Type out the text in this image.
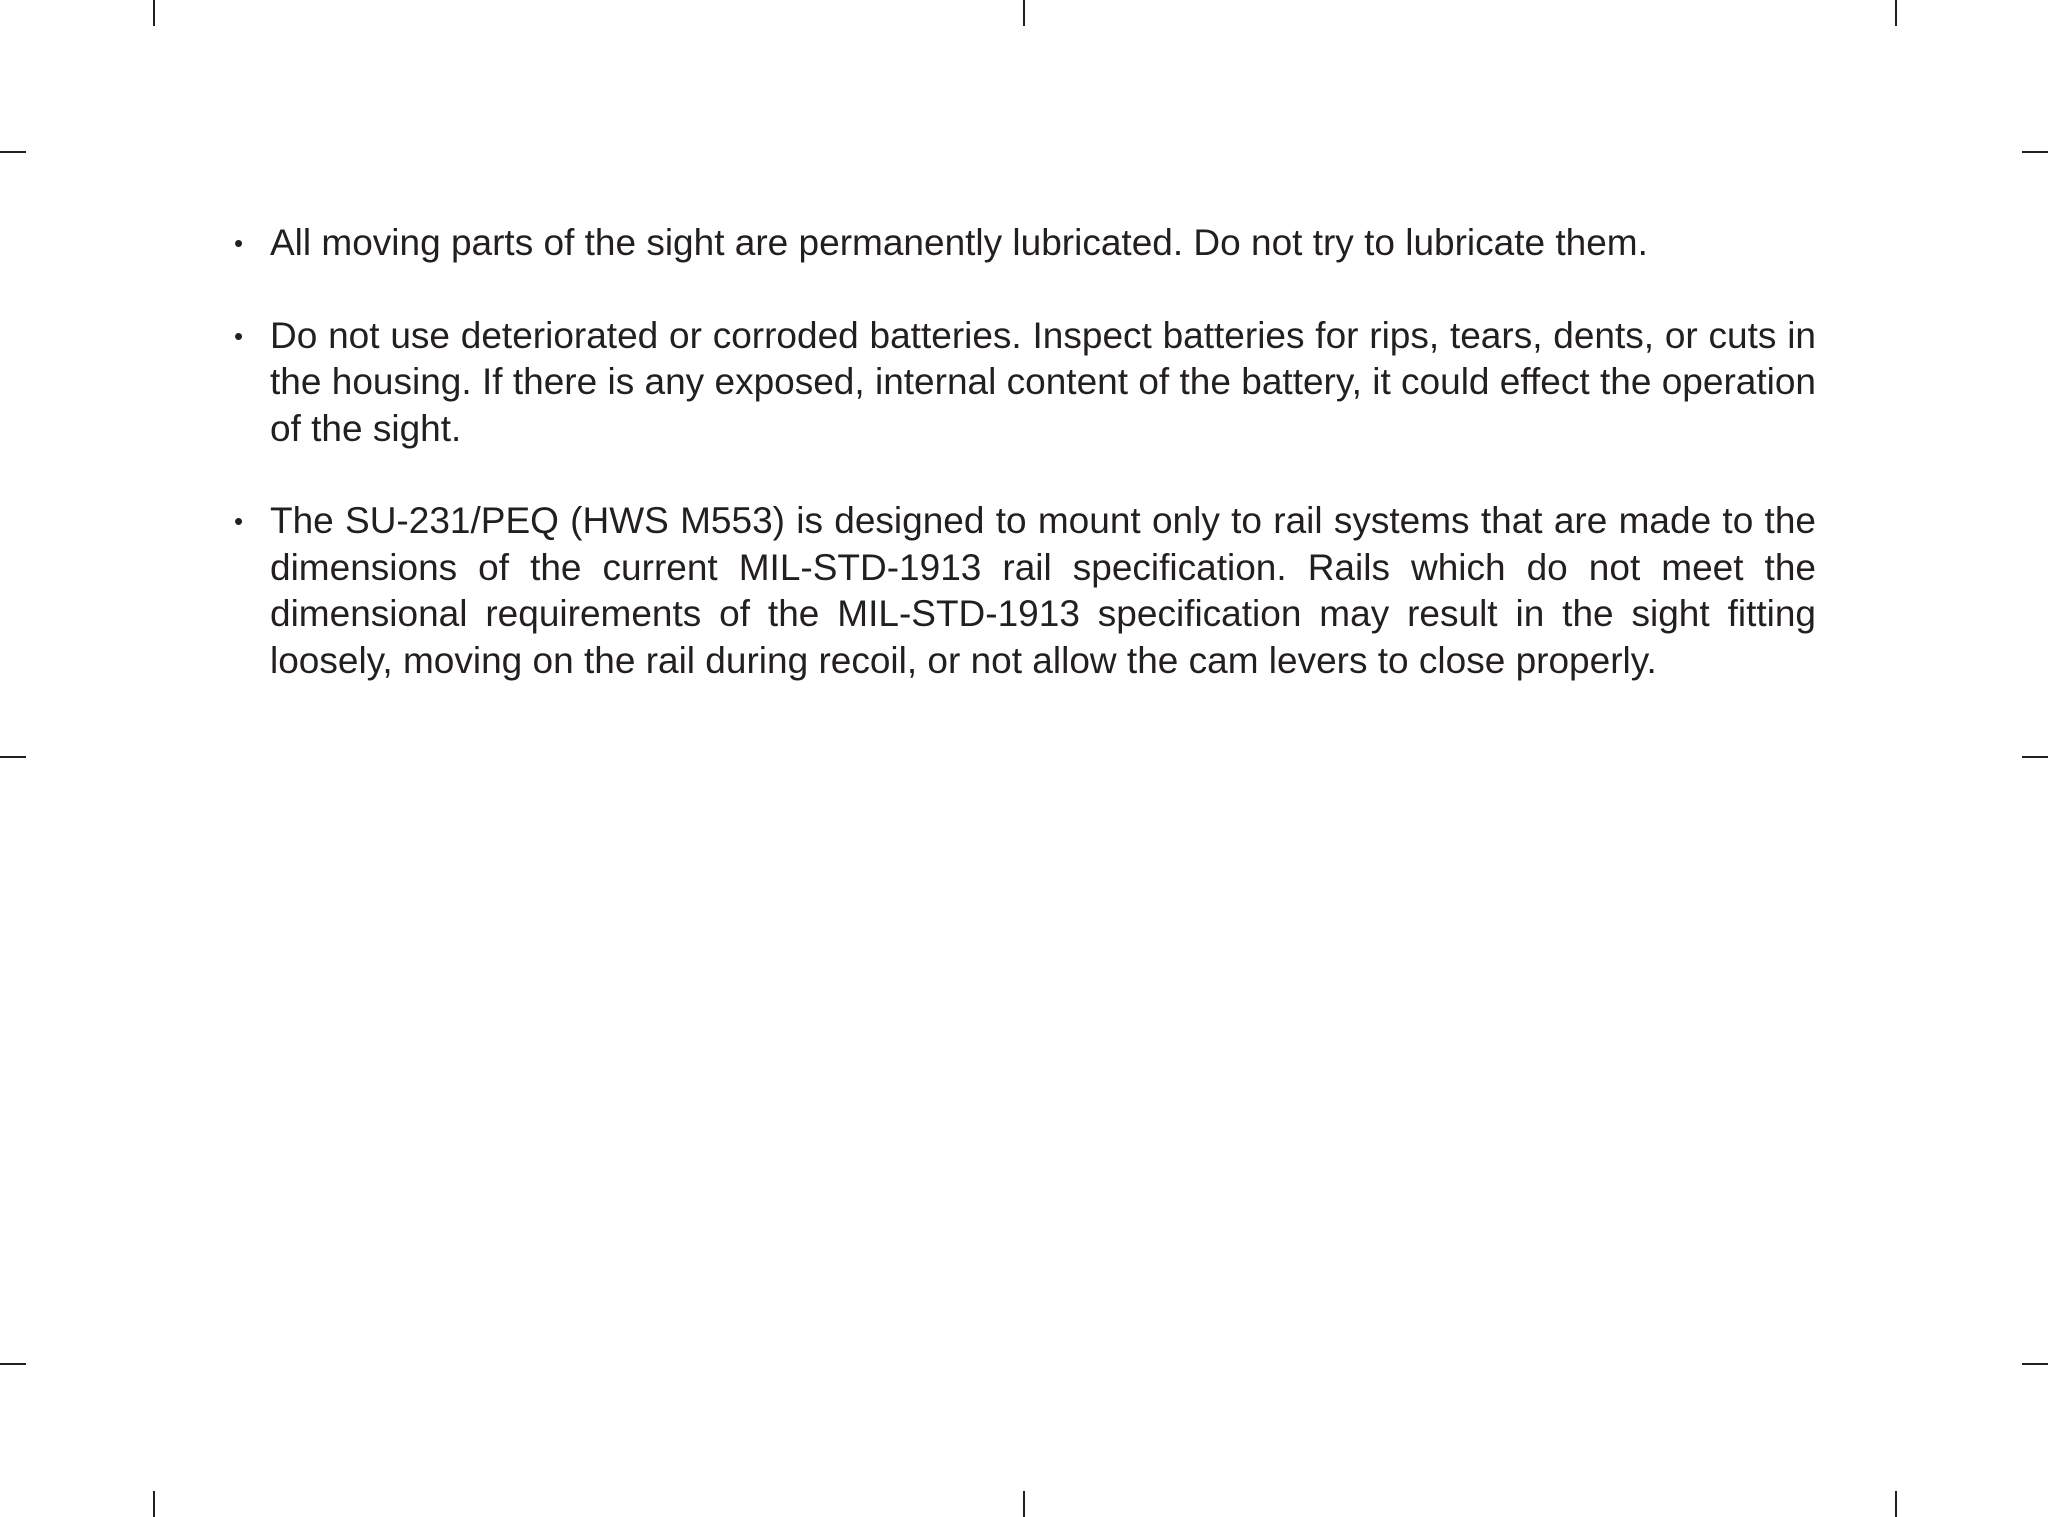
• All moving parts of the sight are permanently lubricated. Do not try to lubricate them.
• Do not use deteriorated or corroded batteries. Inspect batteries for rips, tears, dents, or cuts in the housing. If there is any exposed, internal content of the battery, it could effect the operation of the sight.
• The SU-231/PEQ (HWS M553) is designed to mount only to rail systems that are made to the dimensions of the current MIL-STD-1913 rail specification. Rails which do not meet the dimensional requirements of the MIL-STD-1913 specification may result in the sight fitting loosely, moving on the rail during recoil, or not allow the cam levers to close properly.
